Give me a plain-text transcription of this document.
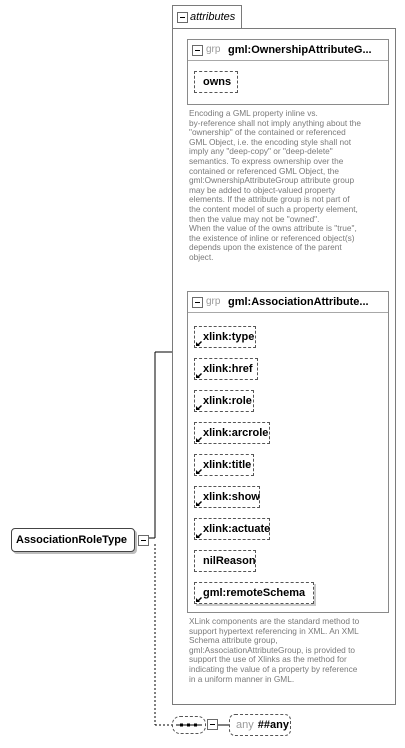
attributes
grp gml:OwnershipAttributeG...
owns
Encoding a GML property inline vs.
by-reference shall not imply anything about the
"ownership" of the contained or referenced
GML Object, i.e. the encoding style shall not
imply any "deep-copy" or "deep-delete"
semantics. To express ownership over the
contained or referenced GML Object, the
gml:OwnershipAttributeGroup attribute group
may be added to object-valued property
elements. If the attribute group is not part of
the content model of such a property element,
then the value may not be "owned".
When the value of the owns attribute is "true",
the existence of inline or referenced object(s)
depends upon the existence of the parent
object.
grp gml:AssociationAttribute...
xlink:type
xlink:href
xlink:role
xlink:arcrole
xlink:title
xlink:show
xlink:actuate
nilReason
gml:remoteSchema
XLink components are the standard method to
support hypertext referencing in XML. An XML
Schema attribute group,
gml:AssociationAttributeGroup, is provided to
support the use of Xlinks as the method for
indicating the value of a property by reference
in a uniform manner in GML.
AssociationRoleType
any ##any
